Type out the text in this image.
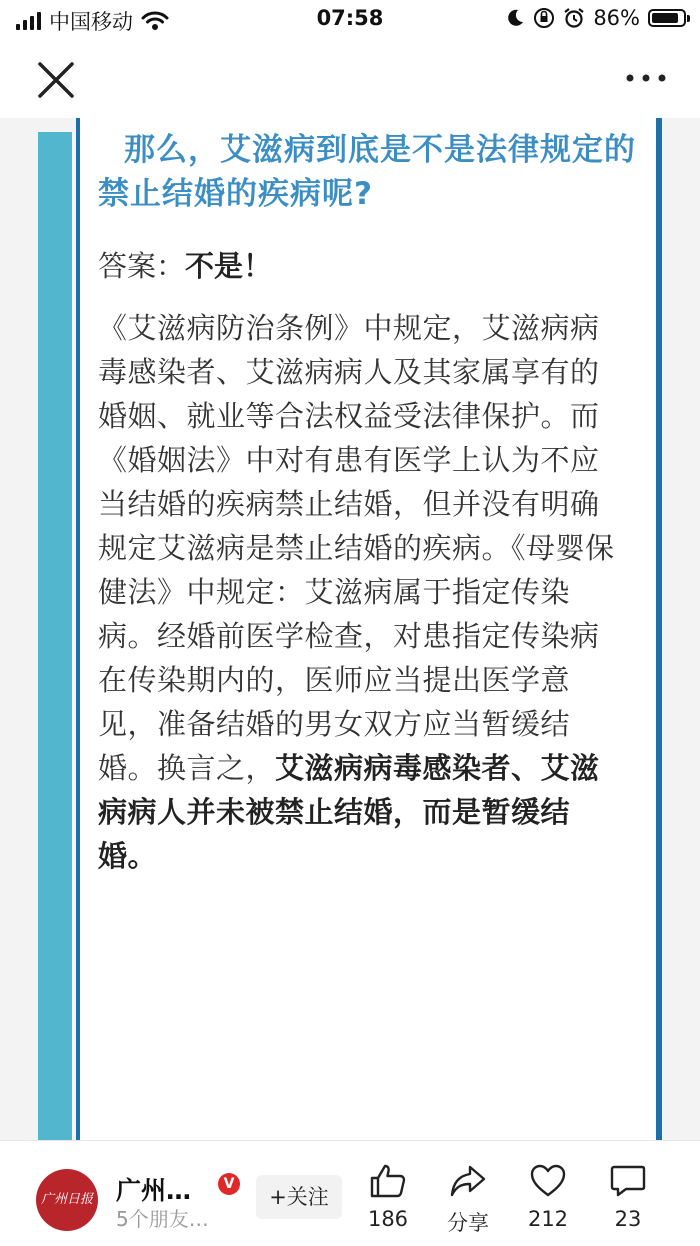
中国移动	07:58	86%
那么，艾滋病到底是不是法律规定的禁止结婚的疾病呢?
答案：不是！
《艾滋病防治条例》中规定，艾滋病病毒感染者、艾滋病病人及其家属享有的婚姻、就业等合法权益受法律保护。而《婚姻法》中对有患有医学上认为不应当结婚的疾病禁止结婚，但并没有明确规定艾滋病是禁止结婚的疾病。《母婴保健法》中规定：艾滋病属于指定传染病。经婚前医学检查，对患指定传染病在传染期内的，医师应当提出医学意见，准备结婚的男女双方应当暂缓结婚。换言之，艾滋病病毒感染者、艾滋病病人并未被禁止结婚，而是暂缓结婚。
广州日报 广州…	V
5个朋友…
+关注
186	分享	212	23
